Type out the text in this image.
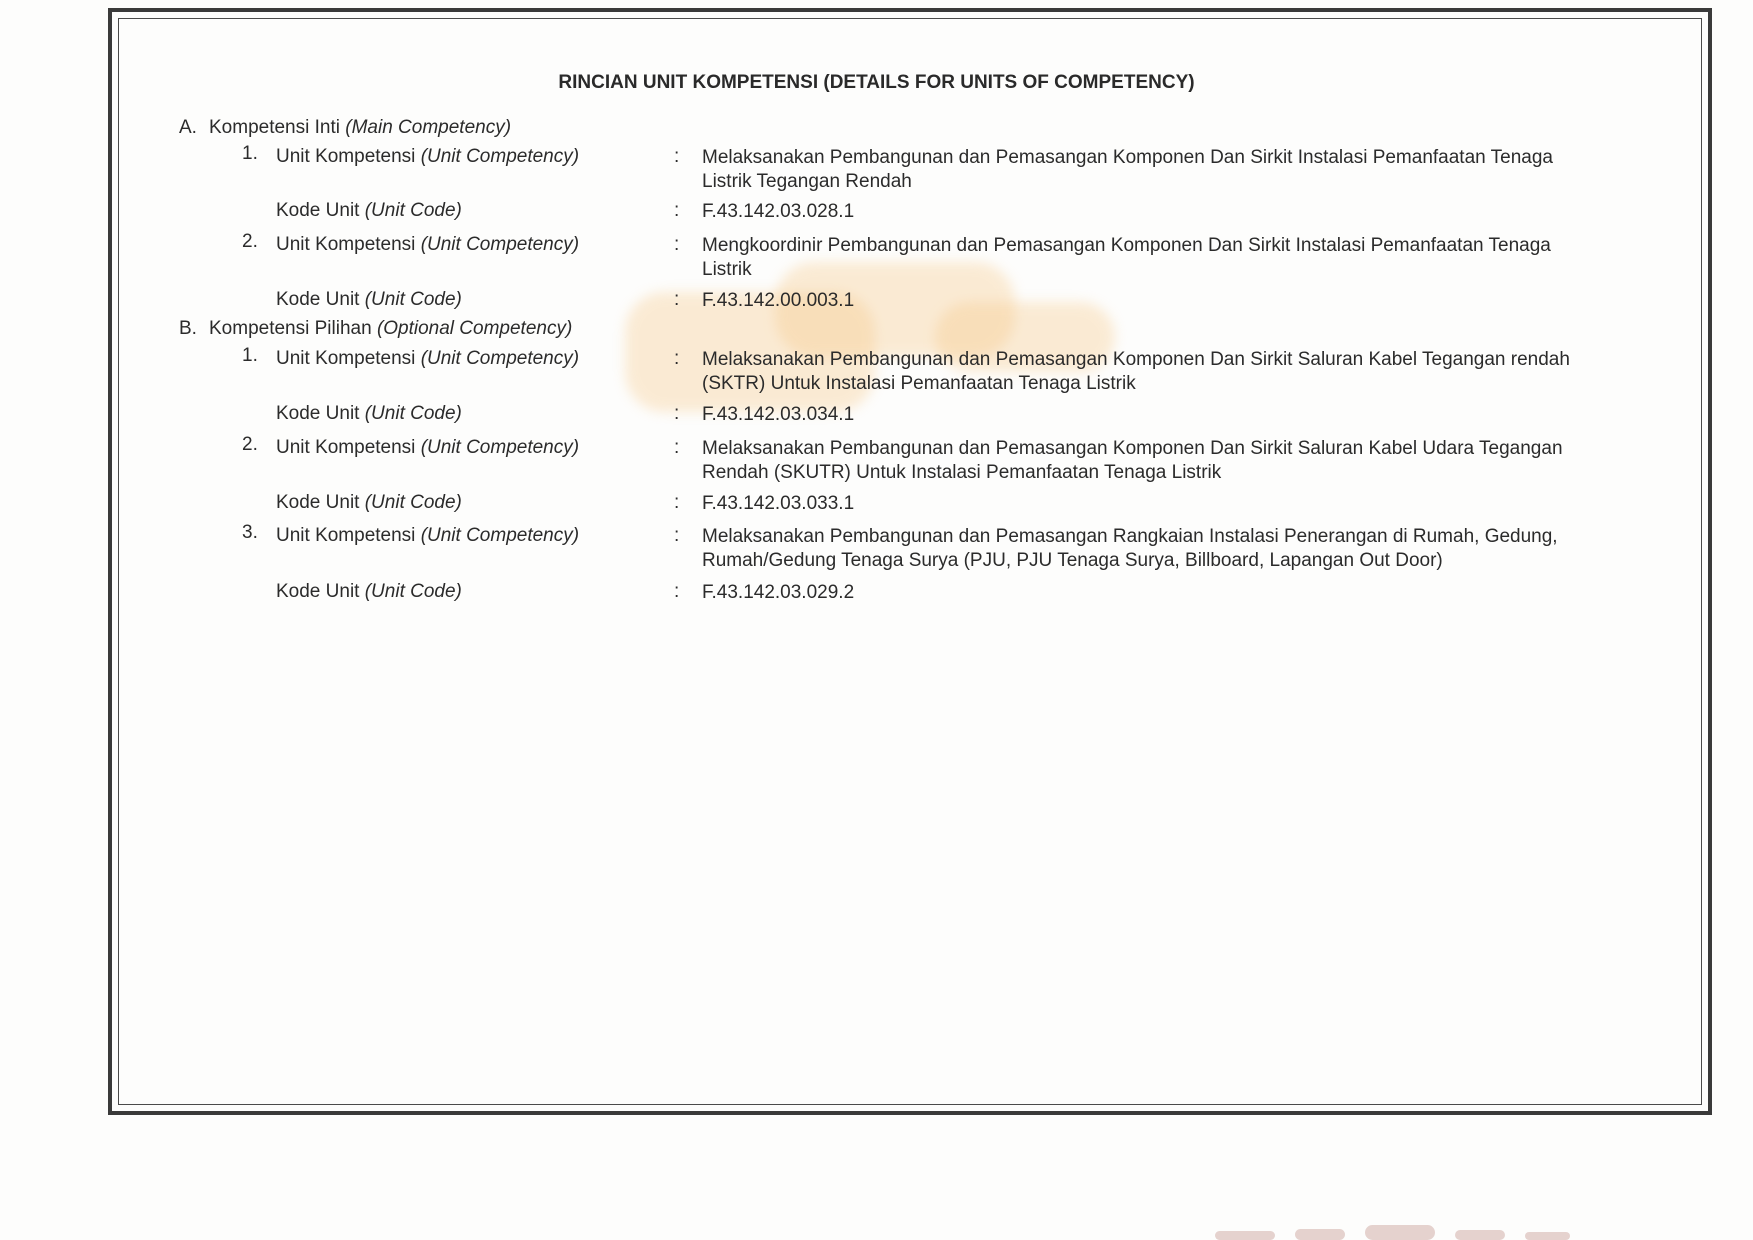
RINCIAN UNIT KOMPETENSI (DETAILS FOR UNITS OF COMPETENCY)
A. Kompetensi Inti (Main Competency)
1. Unit Kompetensi (Unit Competency)	: Melaksanakan Pembangunan dan Pemasangan Komponen Dan Sirkit Instalasi Pemanfaatan Tenaga Listrik Tegangan Rendah
Kode Unit (Unit Code)	: F.43.142.03.028.1
2. Unit Kompetensi (Unit Competency)	: Mengkoordinir Pembangunan dan Pemasangan Komponen Dan Sirkit Instalasi Pemanfaatan Tenaga Listrik
Kode Unit (Unit Code)	: F.43.142.00.003.1
B. Kompetensi Pilihan (Optional Competency)
1. Unit Kompetensi (Unit Competency)	: Melaksanakan Pembangunan dan Pemasangan Komponen Dan Sirkit Saluran Kabel Tegangan rendah (SKTR) Untuk Instalasi Pemanfaatan Tenaga Listrik
Kode Unit (Unit Code)	: F.43.142.03.034.1
2. Unit Kompetensi (Unit Competency)	: Melaksanakan Pembangunan dan Pemasangan Komponen Dan Sirkit Saluran Kabel Udara Tegangan Rendah (SKUTR) Untuk Instalasi Pemanfaatan Tenaga Listrik
Kode Unit (Unit Code)	: F.43.142.03.033.1
3. Unit Kompetensi (Unit Competency)	: Melaksanakan Pembangunan dan Pemasangan Rangkaian Instalasi Penerangan di Rumah, Gedung, Rumah/Gedung Tenaga Surya (PJU, PJU Tenaga Surya, Billboard, Lapangan Out Door)
Kode Unit (Unit Code)	: F.43.142.03.029.2
